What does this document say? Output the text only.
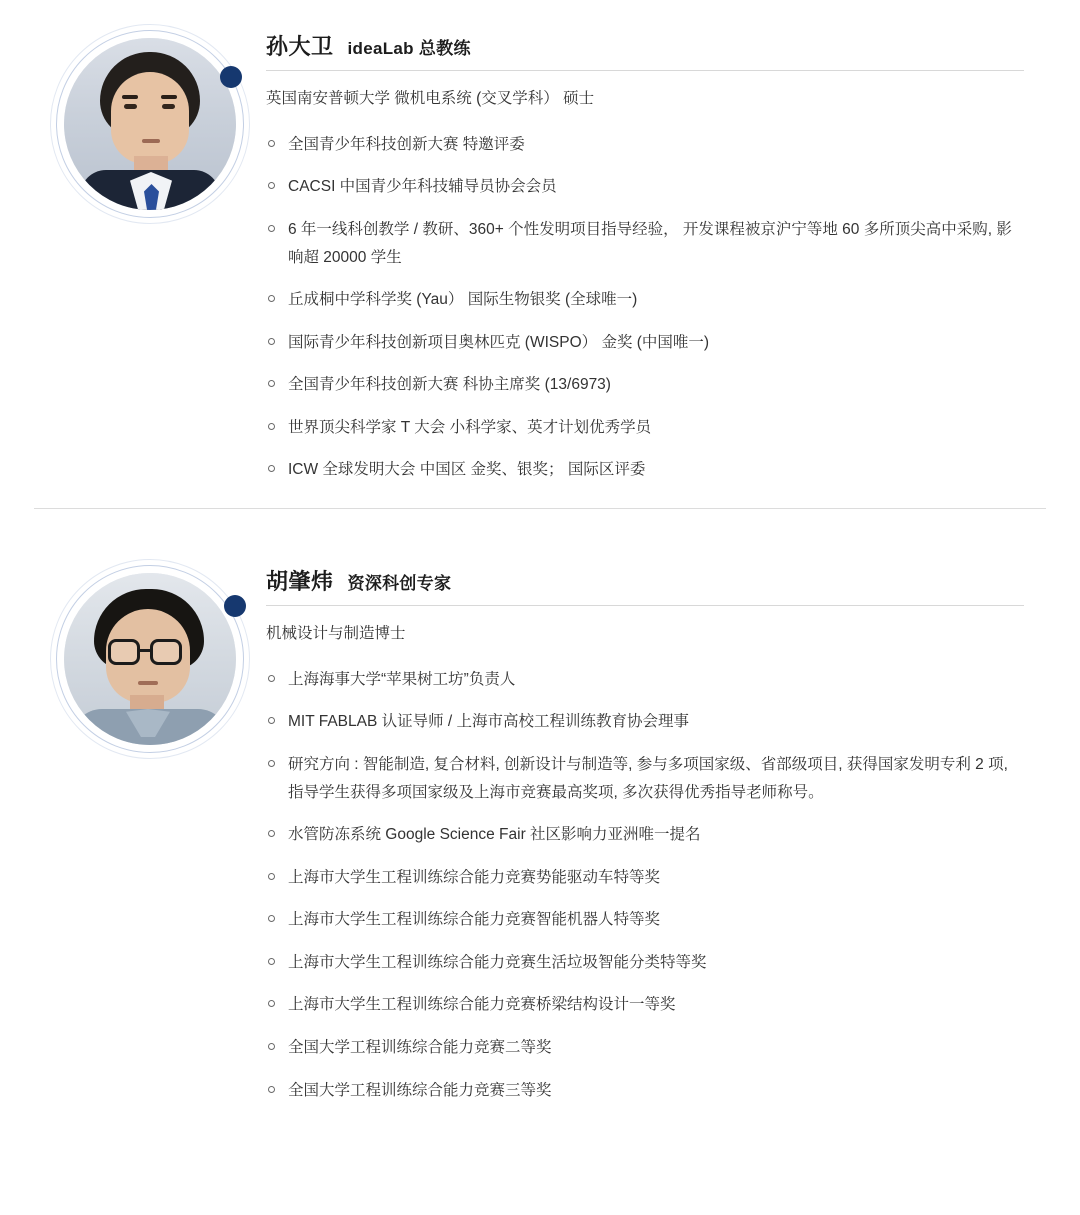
孙大卫 ideaLab 总教练
英国南安普顿大学 微机电系统 (交叉学科） 硕士
全国青少年科技创新大赛 特邀评委
CACSI 中国青少年科技辅导员协会会员
6 年一线科创教学 / 教研、360+ 个性发明项目指导经验， 开发课程被京沪宁等地 60 多所顶尖高中采购, 影响超 20000 学生
丘成桐中学科学奖 (Yau） 国际生物银奖 (全球唯一)
国际青少年科技创新项目奥林匹克 (WISPO） 金奖 (中国唯一)
全国青少年科技创新大赛 科协主席奖 (13/6973)
世界顶尖科学家 T 大会 小科学家、英才计划优秀学员
ICW 全球发明大会 中国区 金奖、银奖； 国际区评委
胡肇炜 资深科创专家
机械设计与制造博士
上海海事大学“苹果树工坊”负责人
MIT FABLAB 认证导师 / 上海市高校工程训练教育协会理事
研究方向 : 智能制造, 复合材料, 创新设计与制造等, 参与多项国家级、省部级项目, 获得国家发明专利 2 项, 指导学生获得多项国家级及上海市竞赛最高奖项, 多次获得优秀指导老师称号。
水管防冻系统 Google Science Fair 社区影响力亚洲唯一提名
上海市大学生工程训练综合能力竞赛势能驱动车特等奖
上海市大学生工程训练综合能力竞赛智能机器人特等奖
上海市大学生工程训练综合能力竞赛生活垃圾智能分类特等奖
上海市大学生工程训练综合能力竞赛桥梁结构设计一等奖
全国大学工程训练综合能力竞赛二等奖
全国大学工程训练综合能力竞赛三等奖
